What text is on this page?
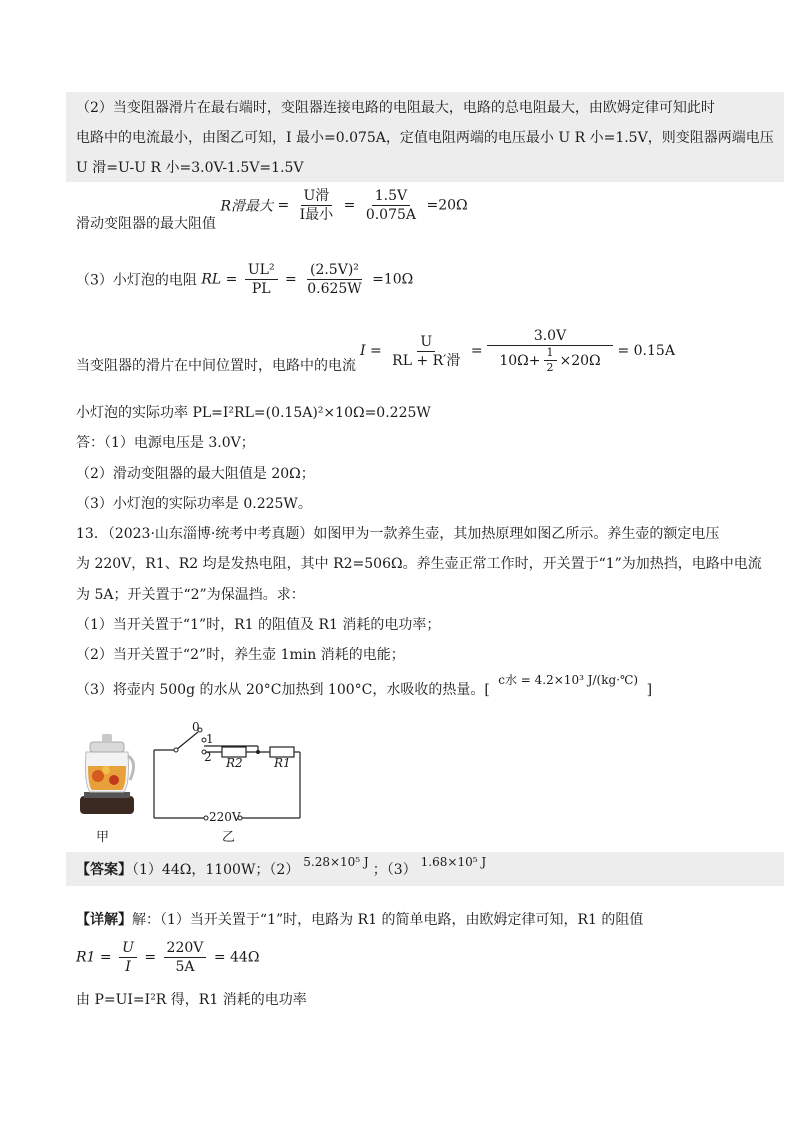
（2）当变阻器滑片在最右端时，变阻器连接电路的电阻最大，电路的总电阻最大，由欧姆定律可知此时
电路中的电流最小，由图乙可知，I 最小=0.075A，定值电阻两端的电压最小 U R 小=1.5V，则变阻器两端电压
U 滑=U-U R 小=3.0V-1.5V=1.5V
滑动变阻器的最大阻值 R滑最大 = $\frac{\text{U滑}}{\text{I最小}} = \frac{1.5V}{0.075A} =20\Omega$
（3）小灯泡的电阻 RL = $\frac{\text{UL²}}{PL} = \frac{\text{(2.5V)²}}{0.625W} =10\Omega$
当变阻器的滑片在中间位置时，电路中的电流
$I = \frac{U}{\text{RL + R′滑}} = \frac{3.0V}{10\Omega+ \frac{1}{2} \times 20\Omega} = 0.15A$
小灯泡的实际功率 PL=I²RL=(0.15A)²×10Ω=0.225W
答：（1）电源电压是 3.0V；
（2）滑动变阻器的最大阻值是 20Ω；
（3）小灯泡的实际功率是 0.225W。
13．（2023·山东淄博·统考中考真题）如图甲为一款养生壶，其加热原理如图乙所示。养生壶的额定电压
为 220V，R1、R2 均是发热电阻，其中 R2=506Ω。养生壶正常工作时，开关置于“1”为加热挡，电路中电流
为 5A；开关置于“2”为保温挡。求：
（1）当开关置于“1”时，R1 的阻值及 R1 消耗的电功率；
（2）当开关置于“2”时，养生壶 1min 消耗的电能；
（3）将壶内 500g 的水从 20°C加热到 100°C，水吸收的热量。[ c水 = 4.2×10³ J/(kg·℃) ]
甲
0
1
2 R2	R1
220V
乙
【答案】（1）44Ω，1100W；（2） 5.28×10⁵ J ；（3） 1.68×10⁵ J
【详解】解：（1）当开关置于“1”时，电路为 R1 的简单电路，由欧姆定律可知，R1 的阻值
$R1 = \frac{U}{I} = \frac{220V}{5A} = 44\Omega$
由 P=UI=I²R 得，R1 消耗的电功率
